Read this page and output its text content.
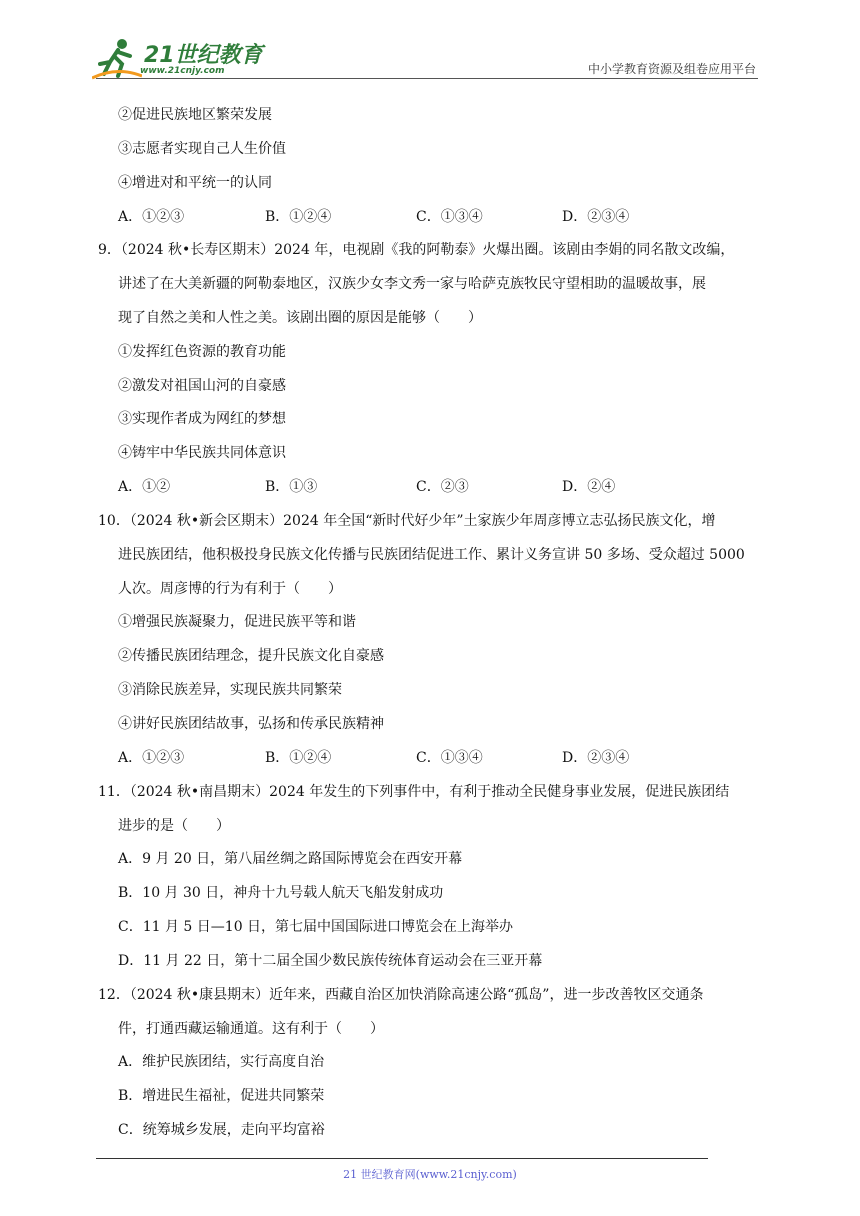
21世纪教育
www.21cnjy.com	中小学教育资源及组卷应用平台
②促进民族地区繁荣发展
③志愿者实现自己人生价值
④增进对和平统一的认同
A．①②③	B．①②④	C．①③④	D．②③④
9．（2024 秋•长寿区期末）2024 年，电视剧《我的阿勒泰》火爆出圈。该剧由李娟的同名散文改编，
讲述了在大美新疆的阿勒泰地区，汉族少女李文秀一家与哈萨克族牧民守望相助的温暖故事，展
现了自然之美和人性之美。该剧出圈的原因是能够（　　）
①发挥红色资源的教育功能
②激发对祖国山河的自豪感
③实现作者成为网红的梦想
④铸牢中华民族共同体意识
A．①②	B．①③	C．②③	D．②④
10．（2024 秋•新会区期末）2024 年全国“新时代好少年”土家族少年周彦博立志弘扬民族文化，增
进民族团结，他积极投身民族文化传播与民族团结促进工作、累计义务宣讲 50 多场、受众超过 5000
人次。周彦博的行为有利于（　　）
①增强民族凝聚力，促进民族平等和谐
②传播民族团结理念，提升民族文化自豪感
③消除民族差异，实现民族共同繁荣
④讲好民族团结故事，弘扬和传承民族精神
A．①②③	B．①②④	C．①③④	D．②③④
11．（2024 秋•南昌期末）2024 年发生的下列事件中，有利于推动全民健身事业发展，促进民族团结
进步的是（　　）
A．9 月 20 日，第八届丝绸之路国际博览会在西安开幕
B．10 月 30 日，神舟十九号载人航天飞船发射成功
C．11 月 5 日—10 日，第七届中国国际进口博览会在上海举办
D．11 月 22 日，第十二届全国少数民族传统体育运动会在三亚开幕
12．（2024 秋•康县期末）近年来，西藏自治区加快消除高速公路“孤岛”，进一步改善牧区交通条
件，打通西藏运输通道。这有利于（　　）
A．维护民族团结，实行高度自治
B．增进民生福祉，促进共同繁荣
C．统筹城乡发展，走向平均富裕
21 世纪教育网(www.21cnjy.com)
